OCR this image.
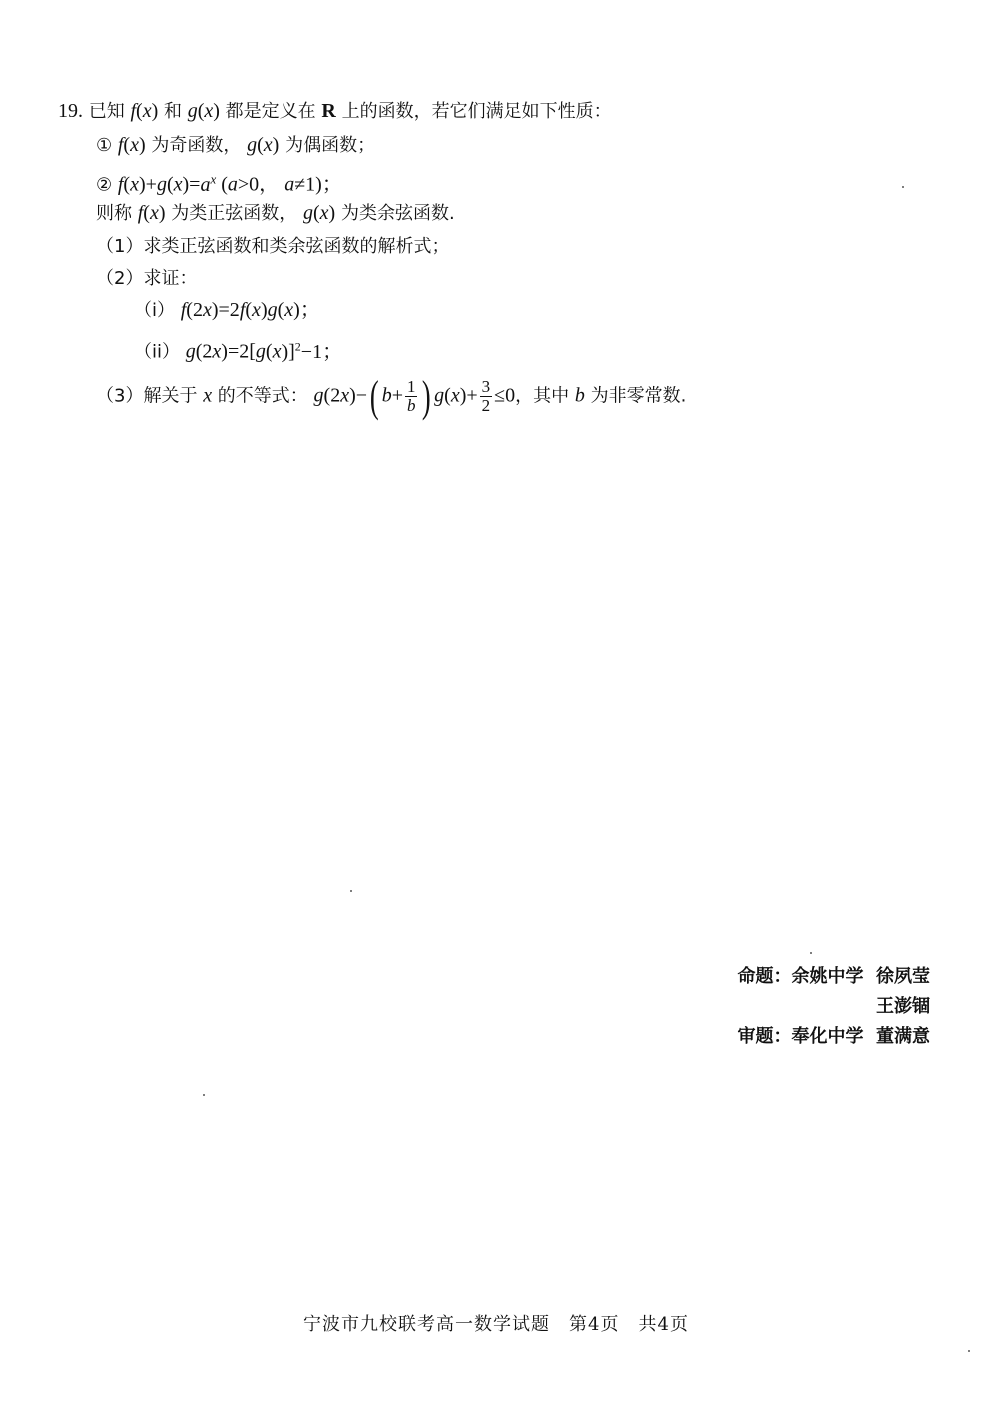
19. 已知 f(x) 和 g(x) 都是定义在 R 上的函数，若它们满足如下性质：
① f(x) 为奇函数， g(x) 为偶函数；
② $f(x)+g(x)=a^x$ (a>0， a≠1)；
则称 f(x) 为类正弦函数， g(x) 为类余弦函数.
（1）求类正弦函数和类余弦函数的解析式；
（2）求证：
（i） f(2x)=2f(x)g(x)；
（ii） $g(2x)=2[g(x)]^2-1$；
（3）解关于 x 的不等式： g(2x)−( $b+ \frac{1}{b}$ ) $g(x)+ \frac{3}{2} \le 0$，其中 b 为非零常数.
命题：余姚中学 徐夙莹
王澎锢
审题：奉化中学 董满意
宁波市九校联考高一数学试题　第4页　共4页
